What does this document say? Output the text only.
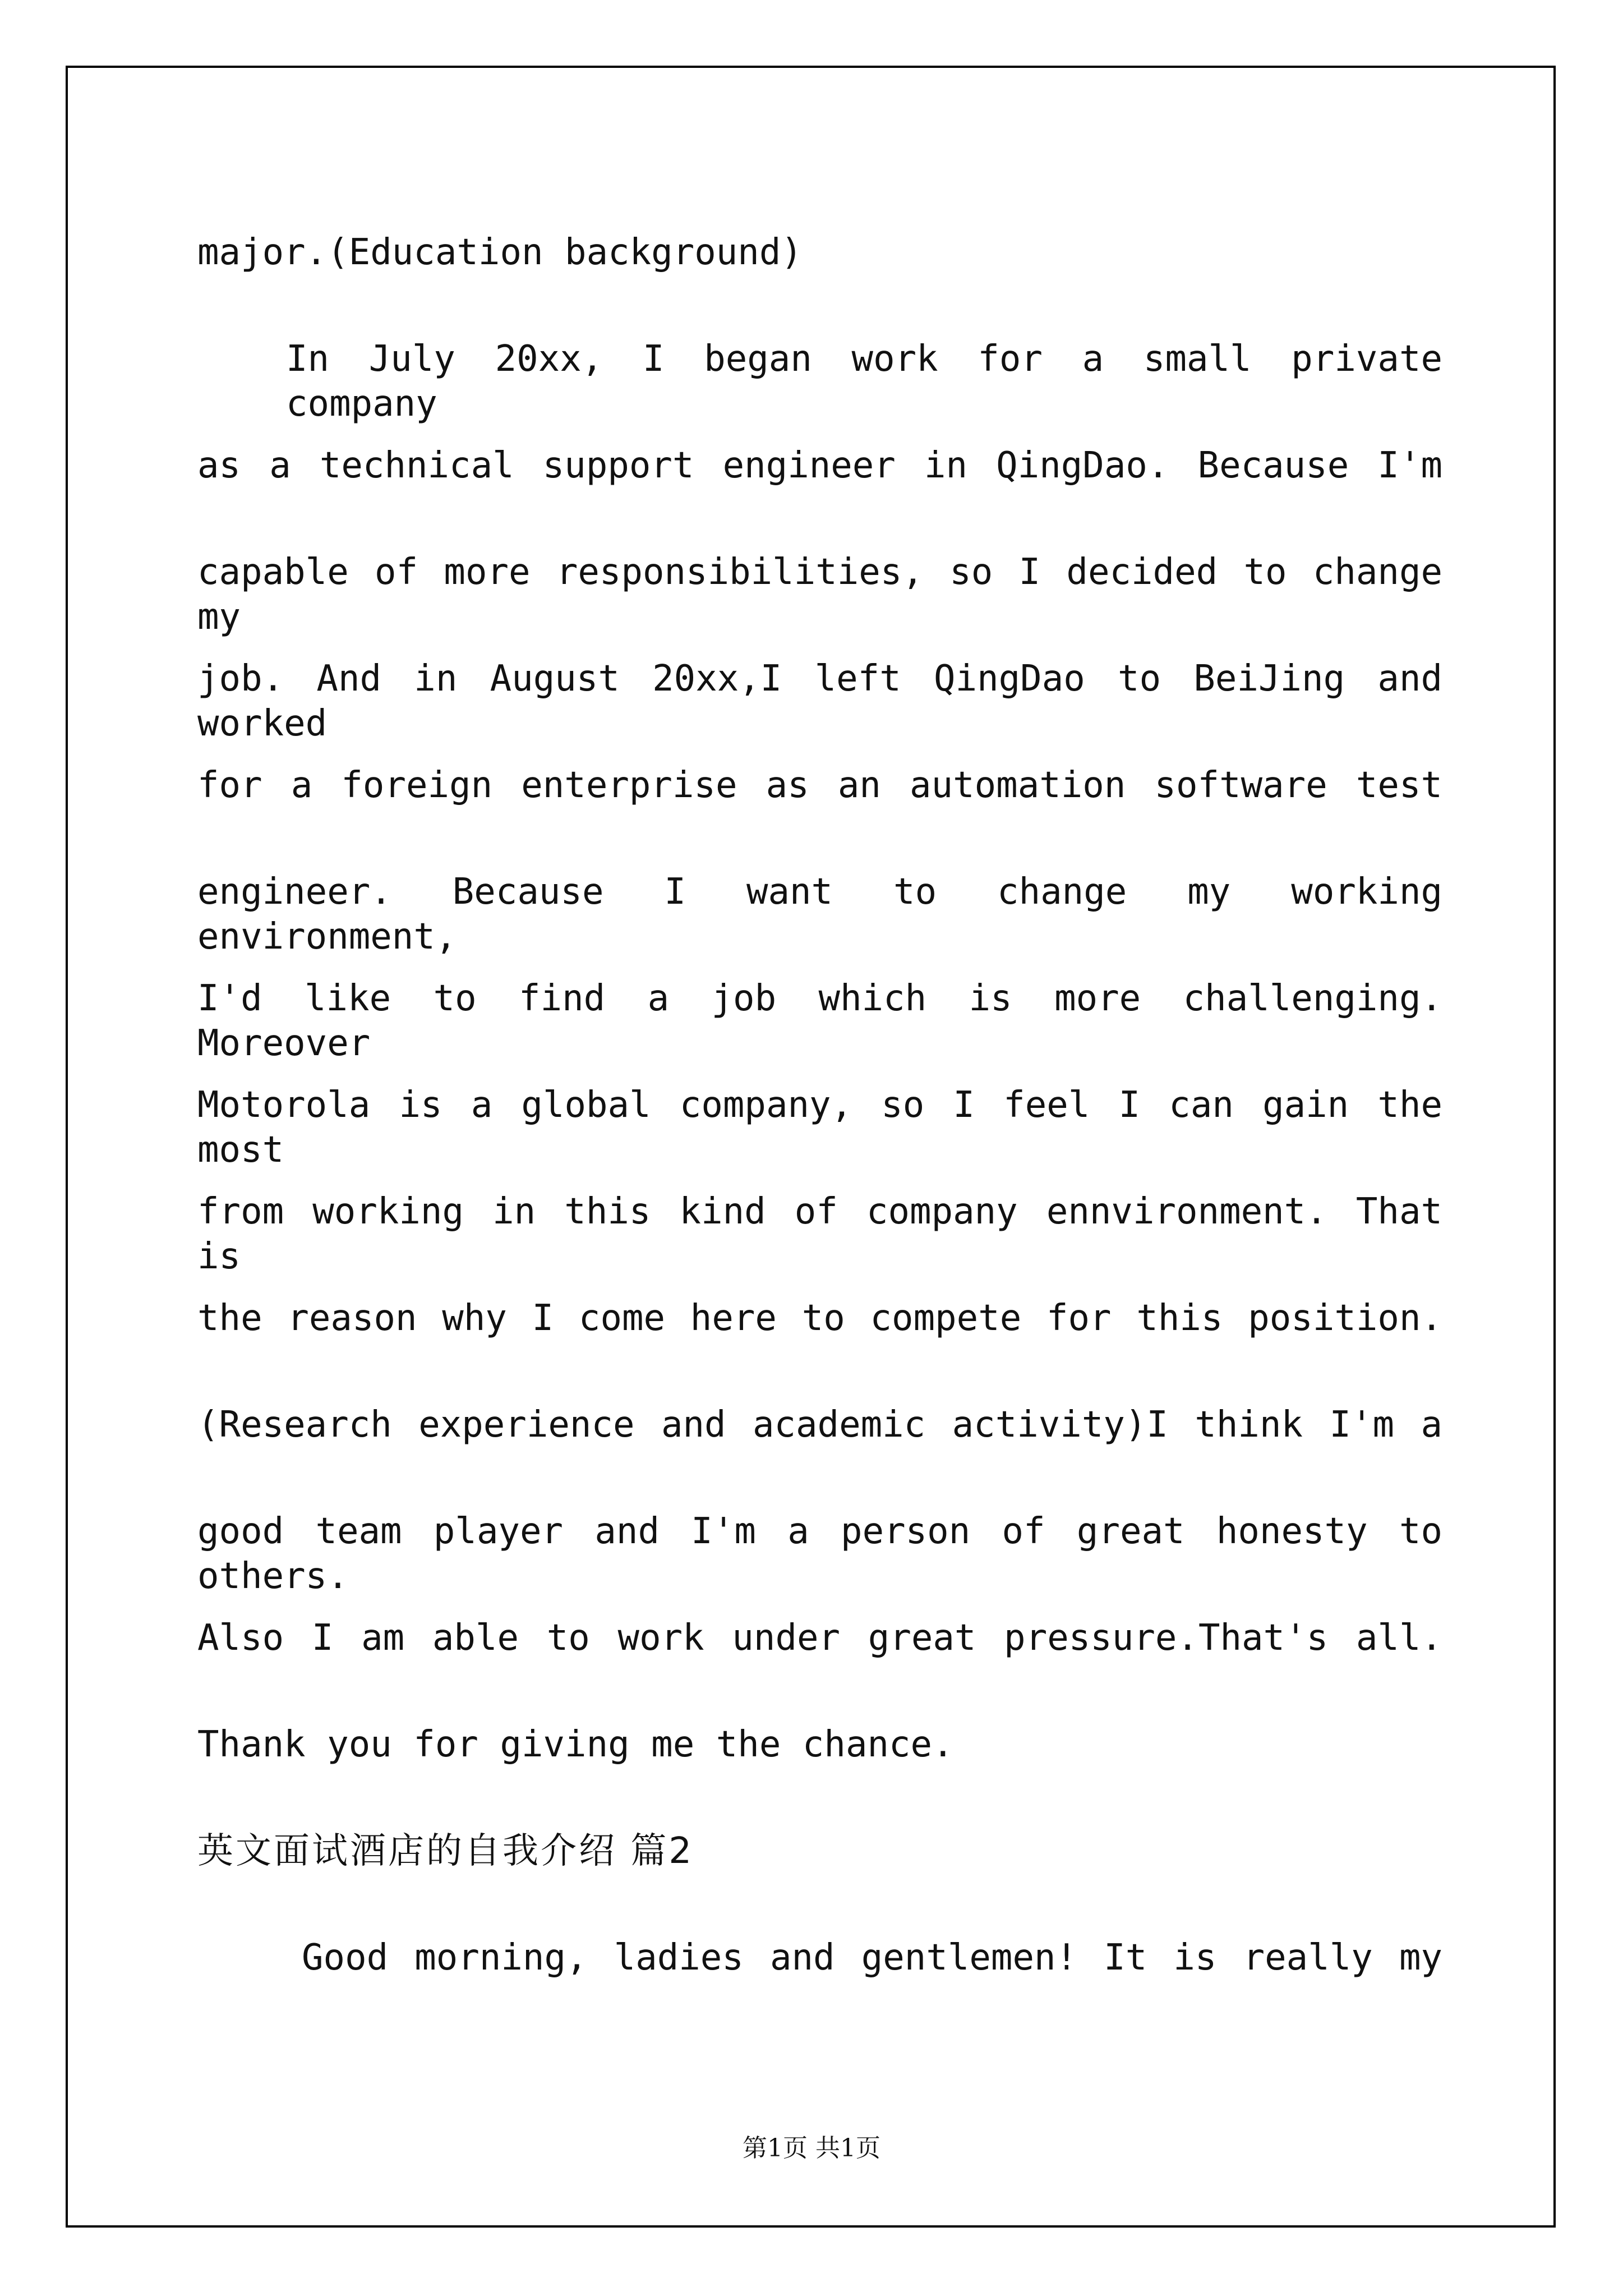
major.(Education background)
In July 20xx, I began work for a small private company
as a technical support engineer in QingDao. Because I'm
capable of more responsibilities, so I decided to change my
job. And in August 20xx,I left QingDao to BeiJing and worked
for a foreign enterprise as an automation software test
engineer. Because I want to change my working environment,
I'd like to find a job which is more challenging. Moreover
Motorola is a global company, so I feel I can gain the most
from working in this kind of company ennvironment. That is
the reason why I come here to compete for this position.
(Research experience and academic activity)I think I'm a
good team player and I'm a person of great honesty to others.
Also I am able to work under great pressure.That's all.
Thank you for giving me the chance.
英文面试酒店的自我介绍 篇2
Good morning, ladies and gentlemen! It is really my
第1页 共1页
